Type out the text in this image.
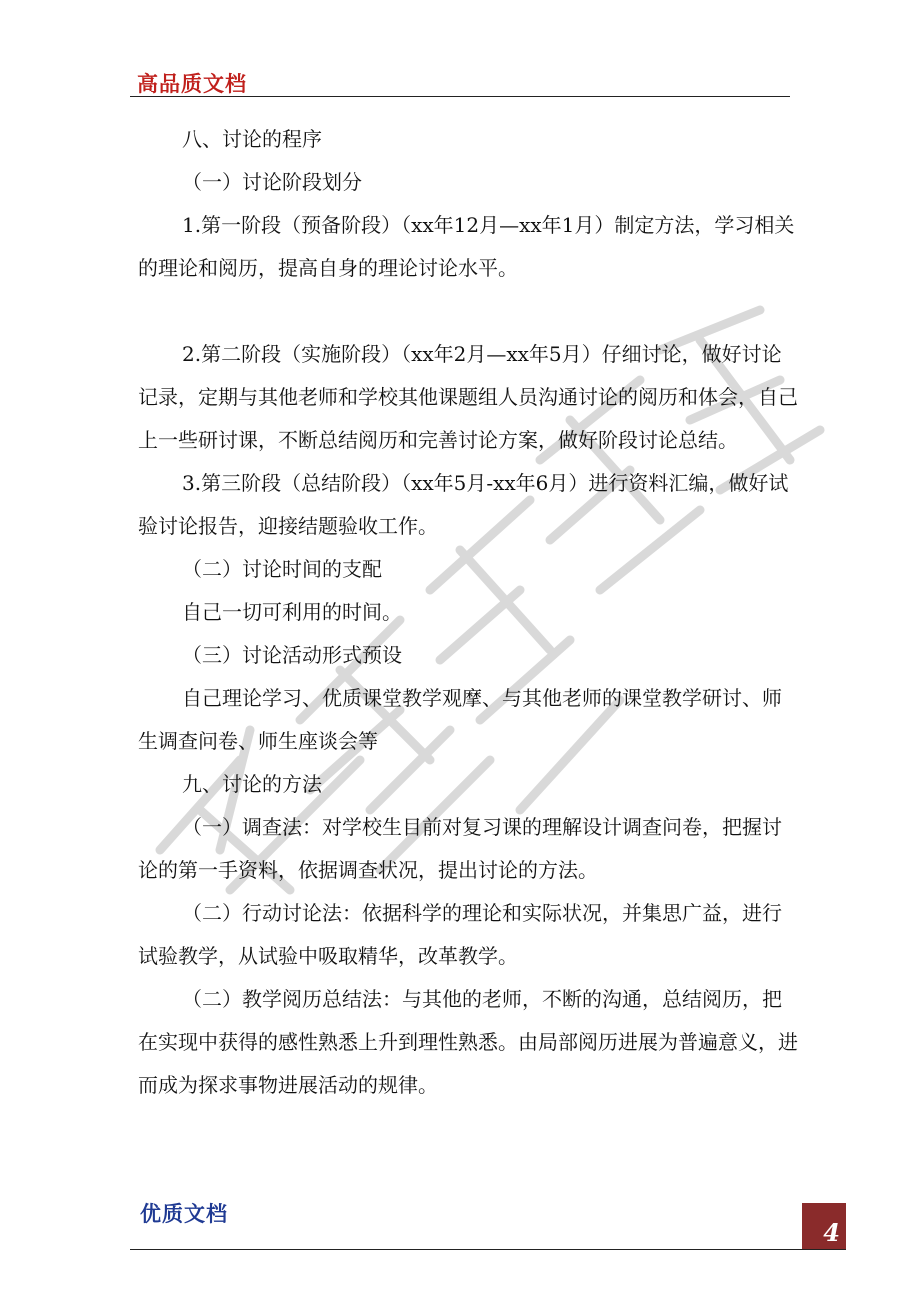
高品质文档

八、讨论的程序

（一）讨论阶段划分

1.第一阶段（预备阶段）（xx年12月—xx年1月）制定方法，学习相关的理论和阅历，提高自身的理论讨论水平。

2.第二阶段（实施阶段）（xx年2月—xx年5月）仔细讨论，做好讨论记录，定期与其他老师和学校其他课题组人员沟通讨论的阅历和体会，自己上一些研讨课，不断总结阅历和完善讨论方案，做好阶段讨论总结。

3.第三阶段（总结阶段）（xx年5月-xx年6月）进行资料汇编，做好试验讨论报告，迎接结题验收工作。

（二）讨论时间的支配

自己一切可利用的时间。

（三）讨论活动形式预设

自己理论学习、优质课堂教学观摩、与其他老师的课堂教学研讨、师生调查问卷、师生座谈会等

九、讨论的方法

（一）调查法：对学校生目前对复习课的理解设计调查问卷，把握讨论的第一手资料，依据调查状况，提出讨论的方法。

（二）行动讨论法：依据科学的理论和实际状况，并集思广益，进行试验教学，从试验中吸取精华，改革教学。

（二）教学阅历总结法：与其他的老师，不断的沟通，总结阅历，把在实现中获得的感性熟悉上升到理性熟悉。由局部阅历进展为普遍意义，进而成为探求事物进展活动的规律。

优质文档
4
